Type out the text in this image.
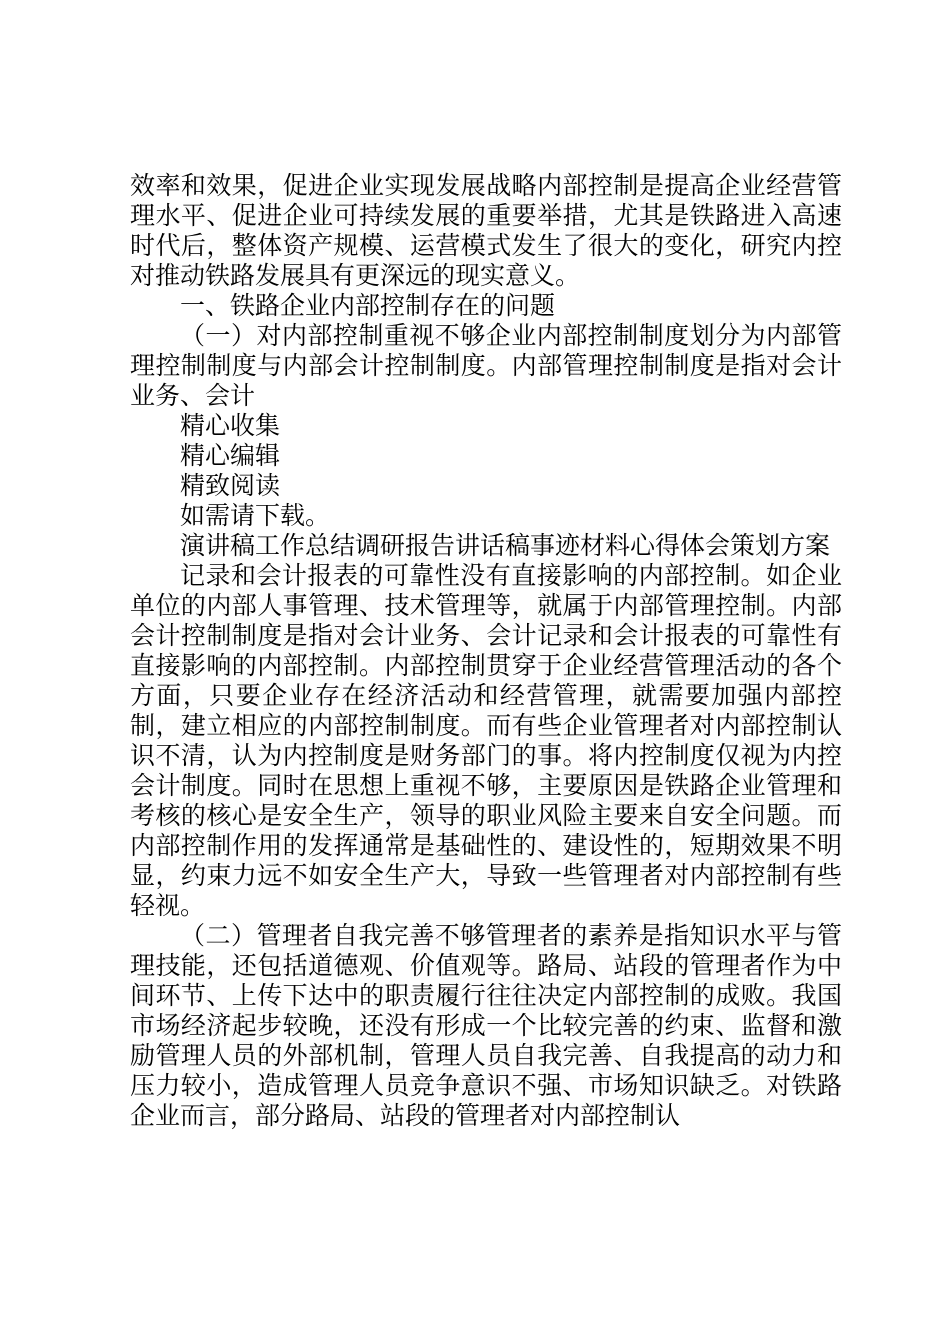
效率和效果，促进企业实现发展战略内部控制是提高企业经营管理水平、促进企业可持续发展的重要举措，尤其是铁路进入高速时代后，整体资产规模、运营模式发生了很大的变化，研究内控对推动铁路发展具有更深远的现实意义。

一、铁路企业内部控制存在的问题

（一）对内部控制重视不够企业内部控制制度划分为内部管理控制制度与内部会计控制制度。内部管理控制制度是指对会计业务、会计

精心收集

精心编辑

精致阅读

如需请下载。

演讲稿工作总结调研报告讲话稿事迹材料心得体会策划方案

记录和会计报表的可靠性没有直接影响的内部控制。如企业单位的内部人事管理、技术管理等，就属于内部管理控制。内部会计控制制度是指对会计业务、会计记录和会计报表的可靠性有直接影响的内部控制。内部控制贯穿于企业经营管理活动的各个方面，只要企业存在经济活动和经营管理，就需要加强内部控制，建立相应的内部控制制度。而有些企业管理者对内部控制认识不清，认为内控制度是财务部门的事。将内控制度仅视为内控会计制度。同时在思想上重视不够，主要原因是铁路企业管理和考核的核心是安全生产，领导的职业风险主要来自安全问题。而内部控制作用的发挥通常是基础性的、建设性的，短期效果不明显，约束力远不如安全生产大，导致一些管理者对内部控制有些轻视。

（二）管理者自我完善不够管理者的素养是指知识水平与管理技能，还包括道德观、价值观等。路局、站段的管理者作为中间环节、上传下达中的职责履行往往决定内部控制的成败。我国市场经济起步较晚，还没有形成一个比较完善的约束、监督和激励管理人员的外部机制，管理人员自我完善、自我提高的动力和压力较小，造成管理人员竞争意识不强、市场知识缺乏。对铁路企业而言，部分路局、站段的管理者对内部控制认
